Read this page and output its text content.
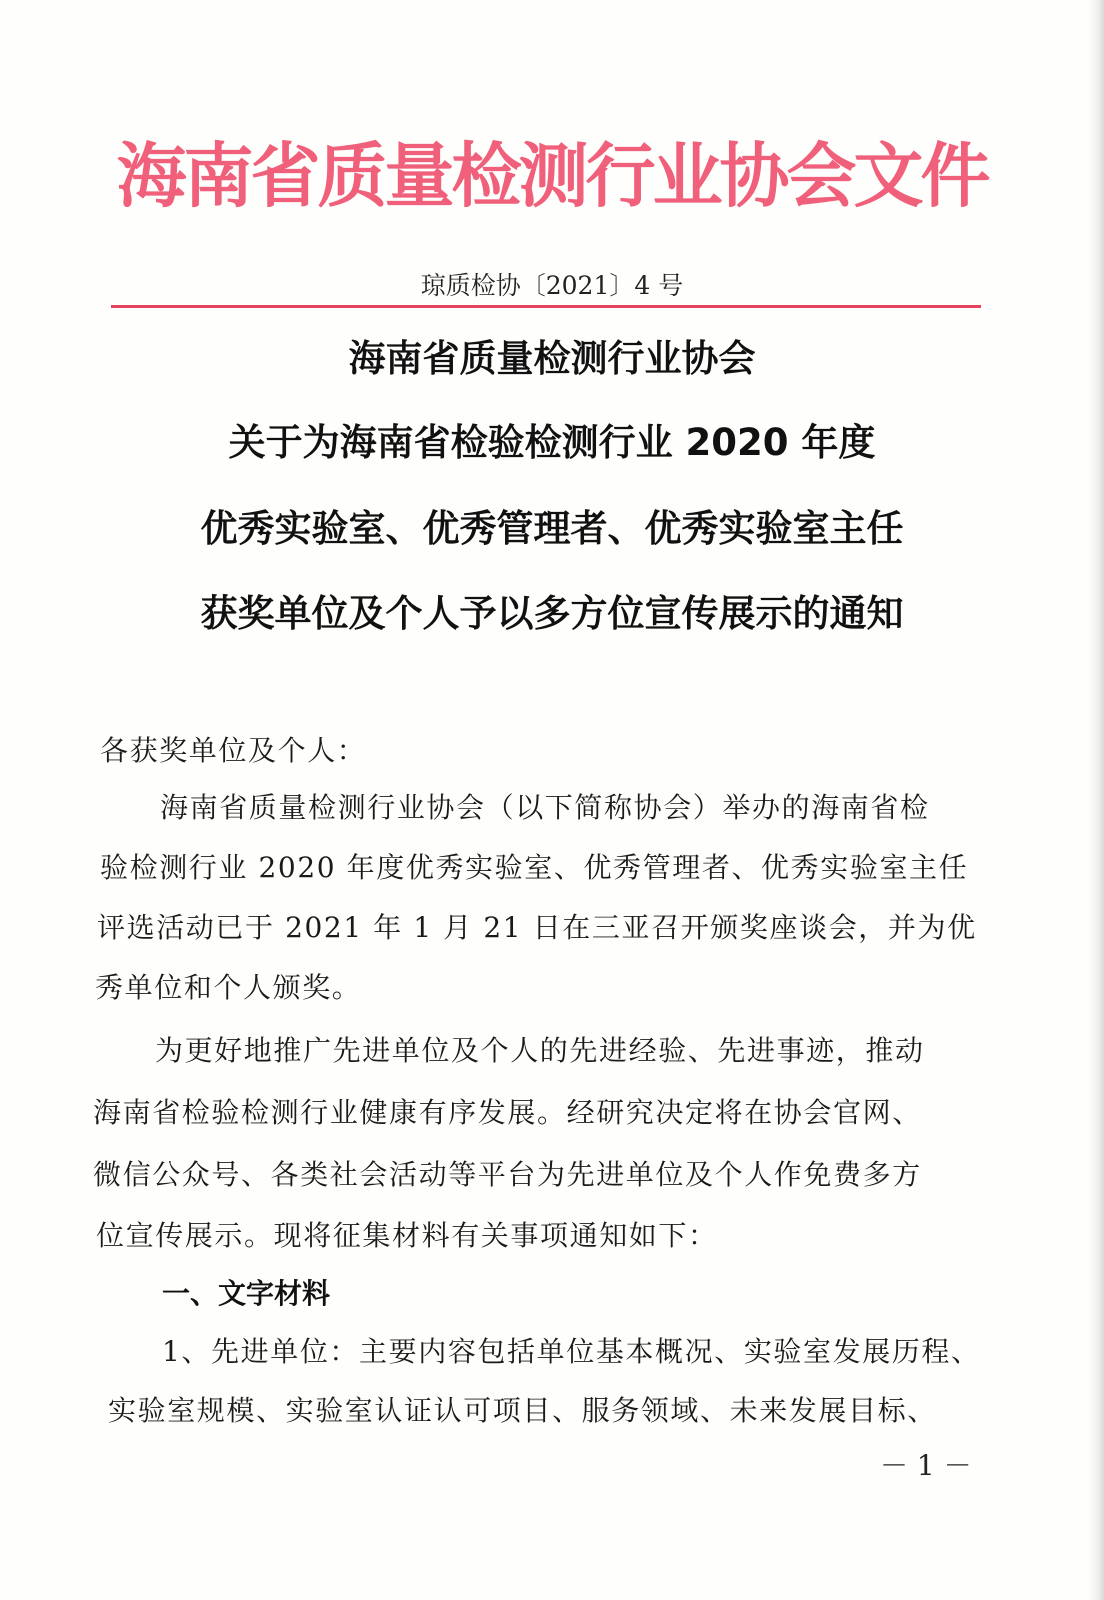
海南省质量检测行业协会文件
琼质检协〔2021〕4 号
海南省质量检测行业协会
关于为海南省检验检测行业 2020 年度
优秀实验室、优秀管理者、优秀实验室主任
获奖单位及个人予以多方位宣传展示的通知
各获奖单位及个人：
海南省质量检测行业协会（以下简称协会）举办的海南省检
验检测行业 2020 年度优秀实验室、优秀管理者、优秀实验室主任
评选活动已于 2021 年 1 月 21 日在三亚召开颁奖座谈会，并为优
秀单位和个人颁奖。
为更好地推广先进单位及个人的先进经验、先进事迹，推动
海南省检验检测行业健康有序发展。经研究决定将在协会官网、
微信公众号、各类社会活动等平台为先进单位及个人作免费多方
位宣传展示。现将征集材料有关事项通知如下：
一、文字材料
1、先进单位：主要内容包括单位基本概况、实验室发展历程、
实验室规模、实验室认证认可项目、服务领域、未来发展目标、
－ 1 －
